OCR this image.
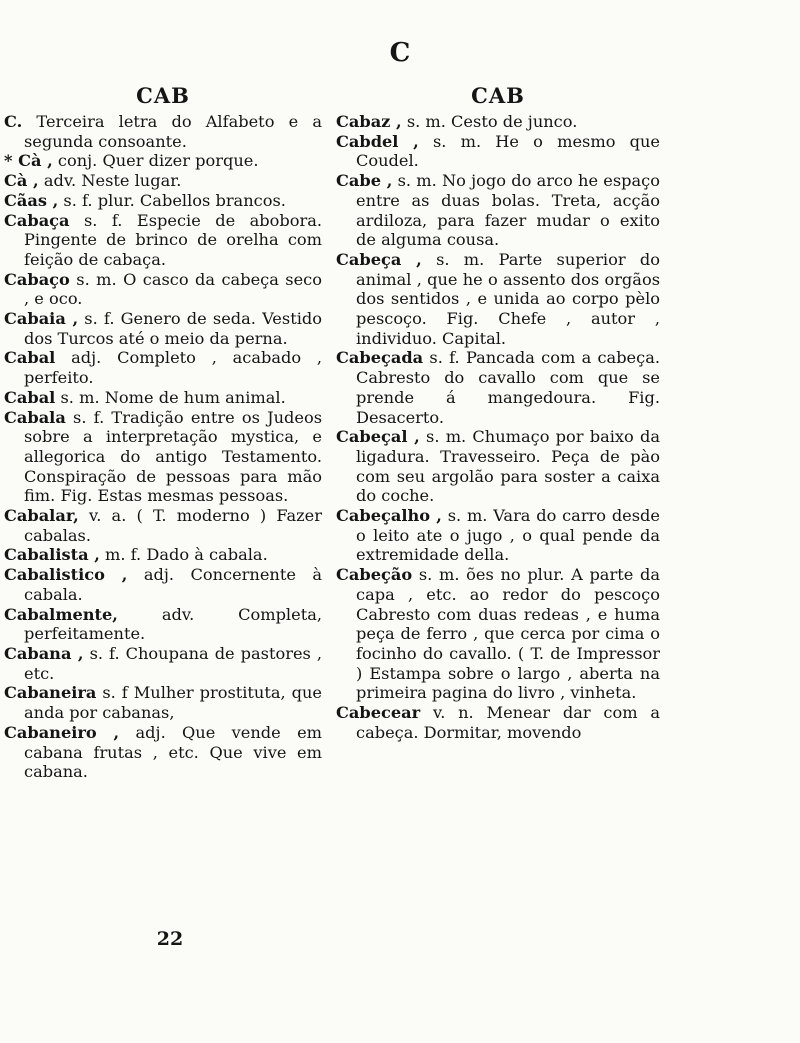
C
CAB

C. Terceira letra do Alfabeto e a segunda consoante.

* Cà , conj. Quer dizer porque.

Cà , adv. Neste lugar.

Cãas , s. f. plur. Cabellos brancos.

Cabaça s. f. Especie de abobora. Pingente de brinco de orelha com feição de cabaça.

Cabaço s. m. O casco da cabeça seco , e oco.

Cabaia , s. f. Genero de seda. Vestido dos Turcos até o meio da perna.

Cabal adj. Completo , acabado , perfeito.

Cabal s. m. Nome de hum animal.

Cabala s. f. Tradição entre os Judeos sobre a interpretação mystica, e allegorica do antigo Testamento. Conspiração de pessoas para mão fim. Fig. Estas mesmas pessoas.

Cabalar, v. a. ( T. moderno ) Fazer cabalas.

Cabalista , m. f. Dado à cabala.

Cabalistico , adj. Concernente à cabala.

Cabalmente,	adv. Completa, perfeitamente.

Cabana , s. f. Choupana de pastores , etc.

Cabaneira s. f Mulher prostituta, que anda por cabanas,

Cabaneiro , adj. Que vende em cabana frutas , etc. Que vive em cabana.

CAB

Cabaz , s. m. Cesto de junco.

Cabdel , s. m. He o mesmo que Coudel.

Cabe , s. m. No jogo do arco he espaço entre as duas bolas. Treta, acção ardiloza, para fazer mudar o exito de alguma cousa.

Cabeça , s. m. Parte superior do animal , que he o assento dos orgãos dos sentidos , e unida ao corpo pèlo pescoço. Fig. Chefe , autor , individuo. Capital.

Cabeçada s. f. Pancada com a cabeça. Cabresto do cavallo com que se prende á mangedoura. Fig. Desacerto.

Cabeçal , s. m. Chumaço por baixo da ligadura. Travesseiro. Peça de pào com seu argolão para soster a caixa do coche.

Cabeçalho , s. m. Vara do carro desde o leito ate o jugo , o qual pende da extremidade della.

Cabeção s. m. ões no plur. A parte da capa , etc. ao redor do pescoço Cabresto com duas redeas , e huma peça de ferro , que cerca por cima o focinho do cavallo. ( T. de Impressor ) Estampa sobre o largo , aberta na primeira pagina do livro , vinheta.

Cabecear v. n. Menear dar com a cabeça. Dormitar, movendo

22
